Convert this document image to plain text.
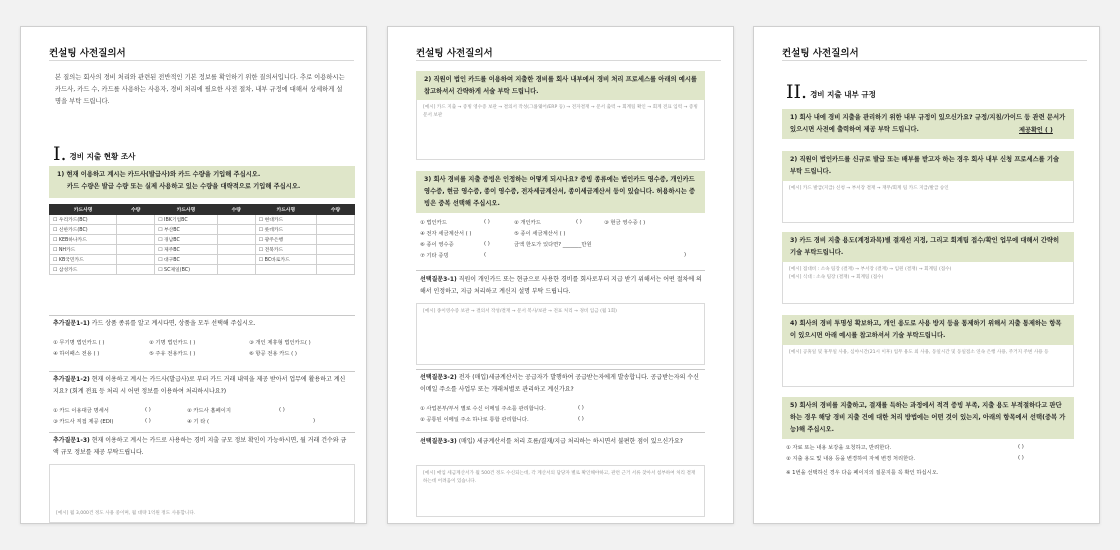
컨설팅 사전질의서
본 질의는 회사의 경비 처리와 관련된 전반적인 기본 정보를 확인하기 위한 질의서입니다. 추로 이용하시는 카드사, 카드 수, 카드를 사용하는 사용자, 경비 처리에 필요한 사전 절차, 내부 규정에 대해서 상세하게 설명을 부탁 드립니다.
I. 경비 지출 현황 조사
1) 현재 이용하고 계시는 카드사(발급사)와 카드 수량을 기입해 주십시오.
카드 수량은 발급 수량 또는 실제 사용하고 있는 수량을 대략적으로 기입해 주십시오.
카드사명	수량	카드사명	수량	카드사명	수량
☐ 우리카드(BC)		☐ IBK기업BC		☐ 현대카드	
☐ 신한카드(BC)		☐ 부산BC		☐ 롯데카드	
☐ KEB하나카드		☐ 경남BC		☐ 광주은행	
☐ NH카드		☐ 제주BC		☐ 전북카드	
☐ KB국민카드		☐ 대구BC		☐ BC바로카드	
☐ 삼성카드		☐ SC제일(BC)			
추가질문1-1) 카드 상품 종류를 알고 계시다면, 상품을 모두 선택해 주십시오.
① 무기명 법인카드 ( )	② 기명 법인카드 ( )	③ 개인 제휴형 법인카드( )
④ 하이패스 전용 ( )	⑤ 주유 전용카드 ( )	⑥ 항공 전용 카드 ( )
추가질문1-2) 현재 이용하고 계시는 카드사(발급사)로 부터 카드 거래 내역을 제공 받아서 업무에 활용하고 계신지요? (회계 전표 등 처리 시 어떤 정보를 이용하여 처리하시나요?)
① 카드 이용대금 명세서	( )	② 카드사 홈페이지	( )
③ 카드사 직접 제공 (EDI)	( )	④ 기 타 (	)
추가질문1-3) 현재 이용하고 계시는 카드로 사용하는 경비 지출 규모 정보 확인이 가능하시면, 월 거래 건수와 금액 규모 정보를 제공 부탁드립니다.
[예시] 월 3,000건 정도 사용 중이며, 월 대략 1억원 정도 사용합니다.
컨설팅 사전질의서
2) 직원이 법인 카드를 이용하여 지출한 경비를 회사 내부에서 경비 처리 프로세스를 아래의 예시를 참고하셔서 간략하게 서술 부탁 드립니다.
[예시] 카드 지출 → 증빙 영수증 보관 → 결의서 작성(그룹웨어/ERP 등) → 전자결재 → 문서 출력 → 회계팀 확인 → 회계 전표 입력 → 증빙 문서 보관
3) 회사 경비를 지출 증빙은 인정하는 어떻게 되시나요? 증빙 종류에는 법인카드 영수증, 개인카드 영수증, 현금 영수증, 종이 영수증, 전자세금계산서, 종이세금계산서 등이 있습니다. 허용하시는 증빙은 중복 선택해 주십시오.
① 법인카드	( )	② 개인카드	( )	③ 현금 영수증 ( )
④ 전자 세금계산서 ( )	⑤ 종이 세금계산서 ( )
⑥ 종이 영수증	( )	금액 한도가 있다면? _______만원
⑦ 기타 증빙	(	)
선택질문3-1) 직원이 개인카드 또는 현금으로 사용한 경비를 회사로부터 지급 받기 위해서는 어떤 절차에 의해서 인정하고, 지급 처리하고 계신지 설명 부탁 드립니다.
[예시] 종이영수증 보관 → 결의서 작성/결재 → 문서 복사/보관 → 전표 처리 → 경비 입금 (월 1회)
선택질문3-2) 전자 (매입)세금계산서는 공급자가 발행하여 공급받는자에게 발송합니다. 공급받는자의 수신 이메일 주소를 사업부 또는 개래처별로 관리하고 계신가요?
① 사업본부/부서 별로 수신 이메일 주소를 관리합니다.	( )
② 공통된 이메일 주소 하나로 통합 관리합니다.	( )
선택질문3-3) (매입) 세금계산서를 처리 흐름/결재/지급 처리하는 하시면서 불편한 점이 있으신가요?
[예시] 매입 세금계산서가 월 500건 정도 수신되는데, 각 계산서의 담당자 별로 확인해야하고, 관련 근거 서류 찾아서 첨부하여 처리 결재하는데 어려움이 있습니다.
컨설팅 사전질의서
II. 경비 지출 내부 규정
1) 회사 내에 경비 지출을 관리하기 위한 내부 규정이 있으신가요? 규정/지침/가이드 등 관련 문서가 있으시면 사전에 출력하여 제공 부탁 드립니다.	제공확인 ( )
2) 직원이 법인카드를 신규로 발급 또는 배부를 받고자 하는 경우 회사 내부 신청 프로세스를 기술 부탁 드립니다.
[예시] 카드 발급(지급) 신청 → 부서장 결재 → 재무/회계 팀 카드 지급/발급 승인
3) 카드 경비 지출 용도(계정과목)별 결재선 지정, 그리고 회계팀 접수/확인 업무에 대해서 간략히 기술 부탁드립니다.
[예시] 접대비 : 소속 팀장 (결재) → 부서장 (결재) → 임원 (결재) → 회계팀 (접수)
[예시] 식대 : 소속 팀장 (결재) → 회계팀 (접수)
4) 회사의 경비 투명성 확보하고, 개인 용도로 사용 방지 등을 통제하기 위해서 지출 통제하는 항목이 있으시면 아래 예시를 참고하셔서 기술 부탁드립니다.
[예시] 공휴일 및 휴무일 사용, 심야시간(21시 이후) 업무 용도 외 사용, 동일시간 및 동일점소 연속 은행 사용, 주거지 주변 사용 등
5) 회사의 경비를 지출하고, 결재를 득하는 과정에서 적격 증빙 부족, 지출 용도 부적절하다고 판단하는 경우 해당 경비 지출 건에 대한 처리 방법에는 어떤 것이 있는지, 아래의 항목에서 선택(중복 가능)해 주십시오.
① 자료 또는 내용 보강을 요청하고, 반려한다.	( )
② 지출 용도 및 내용 등을 변경하여 자체 변경 처리한다.	( )
※ 1번을 선택하신 경우 다음 페이지의 질문지를 꼭 확인 하십시오.
